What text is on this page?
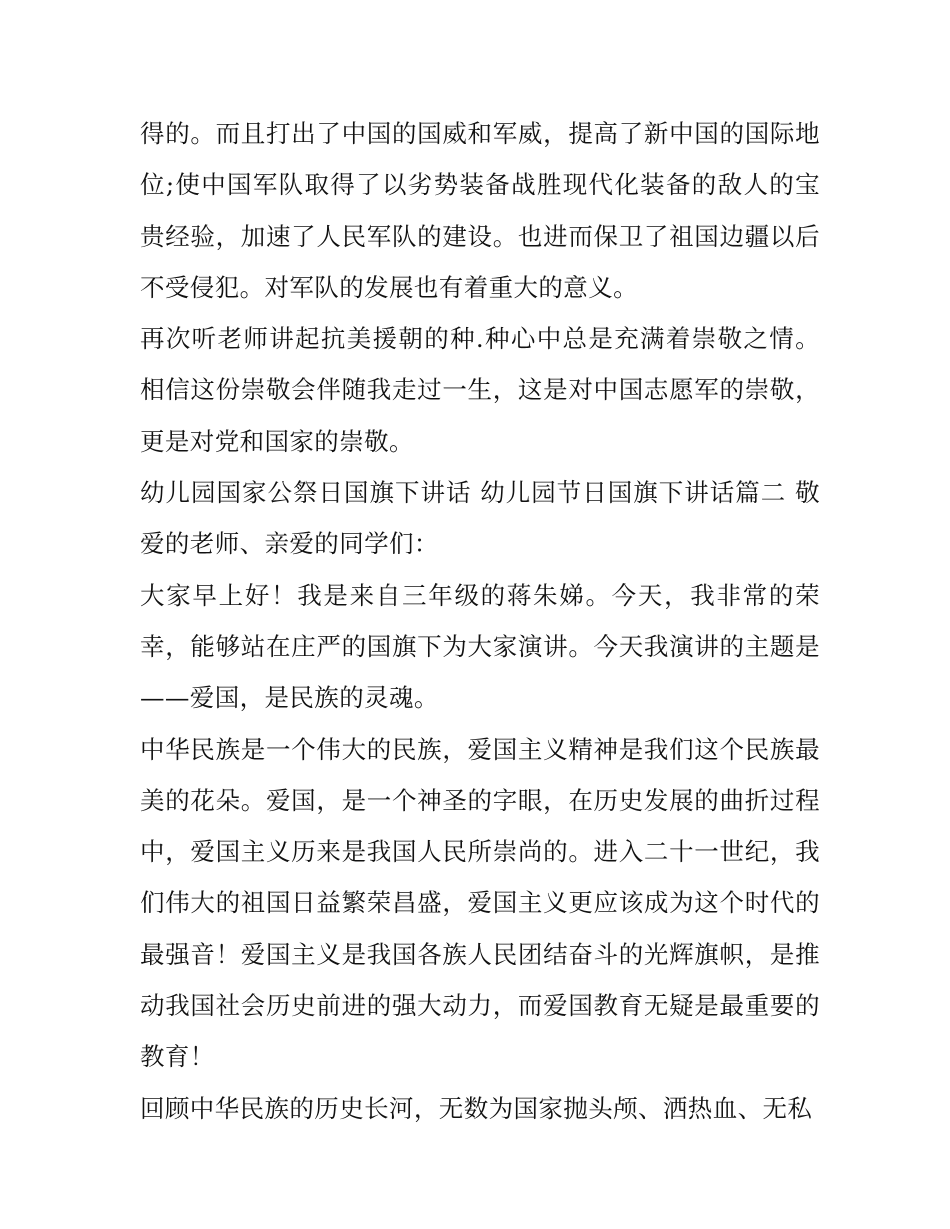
得的。而且打出了中国的国威和军威，提高了新中国的国际地位;使中国军队取得了以劣势装备战胜现代化装备的敌人的宝贵经验，加速了人民军队的建设。也进而保卫了祖国边疆以后不受侵犯。对军队的发展也有着重大的意义。

再次听老师讲起抗美援朝的种.种心中总是充满着崇敬之情。相信这份崇敬会伴随我走过一生，这是对中国志愿军的崇敬，更是对党和国家的崇敬。

幼儿园国家公祭日国旗下讲话 幼儿园节日国旗下讲话篇二 敬爱的老师、亲爱的同学们：

大家早上好！我是来自三年级的蒋朱娣。今天，我非常的荣幸，能够站在庄严的国旗下为大家演讲。今天我演讲的主题是——爱国，是民族的灵魂。

中华民族是一个伟大的民族，爱国主义精神是我们这个民族最美的花朵。爱国，是一个神圣的字眼，在历史发展的曲折过程中，爱国主义历来是我国人民所崇尚的。进入二十一世纪，我们伟大的祖国日益繁荣昌盛，爱国主义更应该成为这个时代的最强音！爱国主义是我国各族人民团结奋斗的光辉旗帜，是推动我国社会历史前进的强大动力，而爱国教育无疑是最重要的教育！

回顾中华民族的历史长河，无数为国家抛头颅、洒热血、无私
